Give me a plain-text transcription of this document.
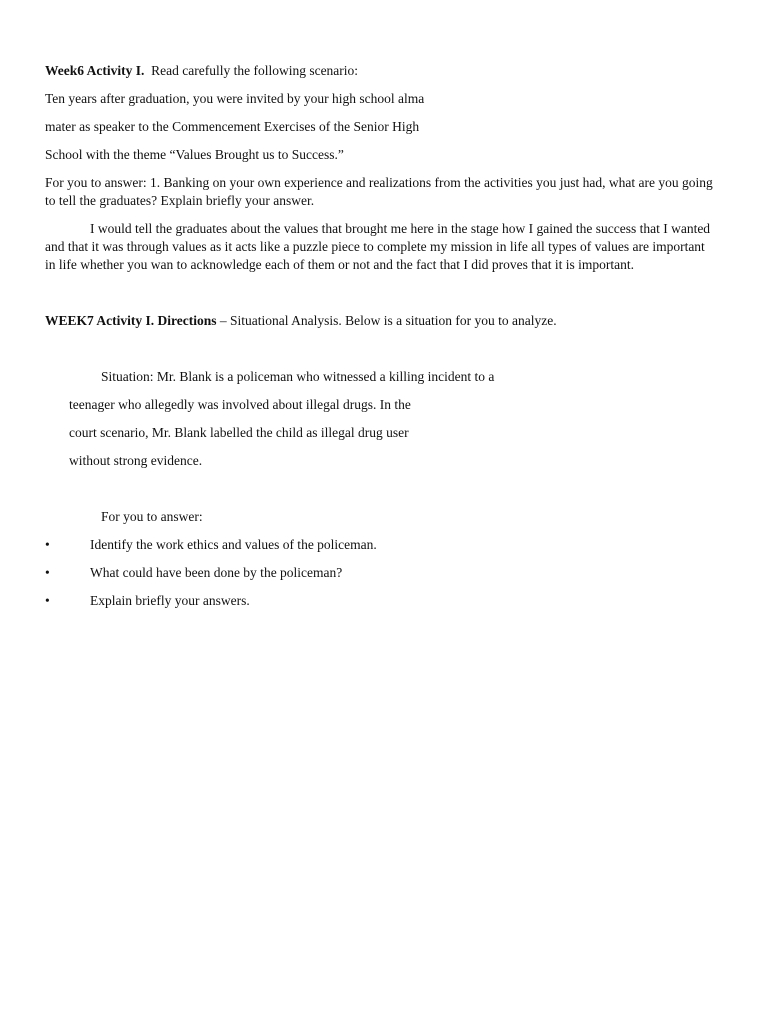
Week6 Activity I. Read carefully the following scenario:
Ten years after graduation, you were invited by your high school alma
mater as speaker to the Commencement Exercises of the Senior High
School with the theme “Values Brought us to Success.”
For you to answer: 1. Banking on your own experience and realizations from the activities you just had, what are you going to tell the graduates? Explain briefly your answer.
I would tell the graduates about the values that brought me here in the stage how I gained the success that I wanted and that it was through values as it acts like a puzzle piece to complete my mission in life all types of values are important in life whether you wan to acknowledge each of them or not and the fact that I did proves that it is important.
WEEK7 Activity I. Directions – Situational Analysis. Below is a situation for you to analyze.
Situation: Mr. Blank is a policeman who witnessed a killing incident to a
teenager who allegedly was involved about illegal drugs. In the
court scenario, Mr. Blank labelled the child as illegal drug user
without strong evidence.
For you to answer:
•	Identify the work ethics and values of the policeman.
•	What could have been done by the policeman?
•	Explain briefly your answers.
